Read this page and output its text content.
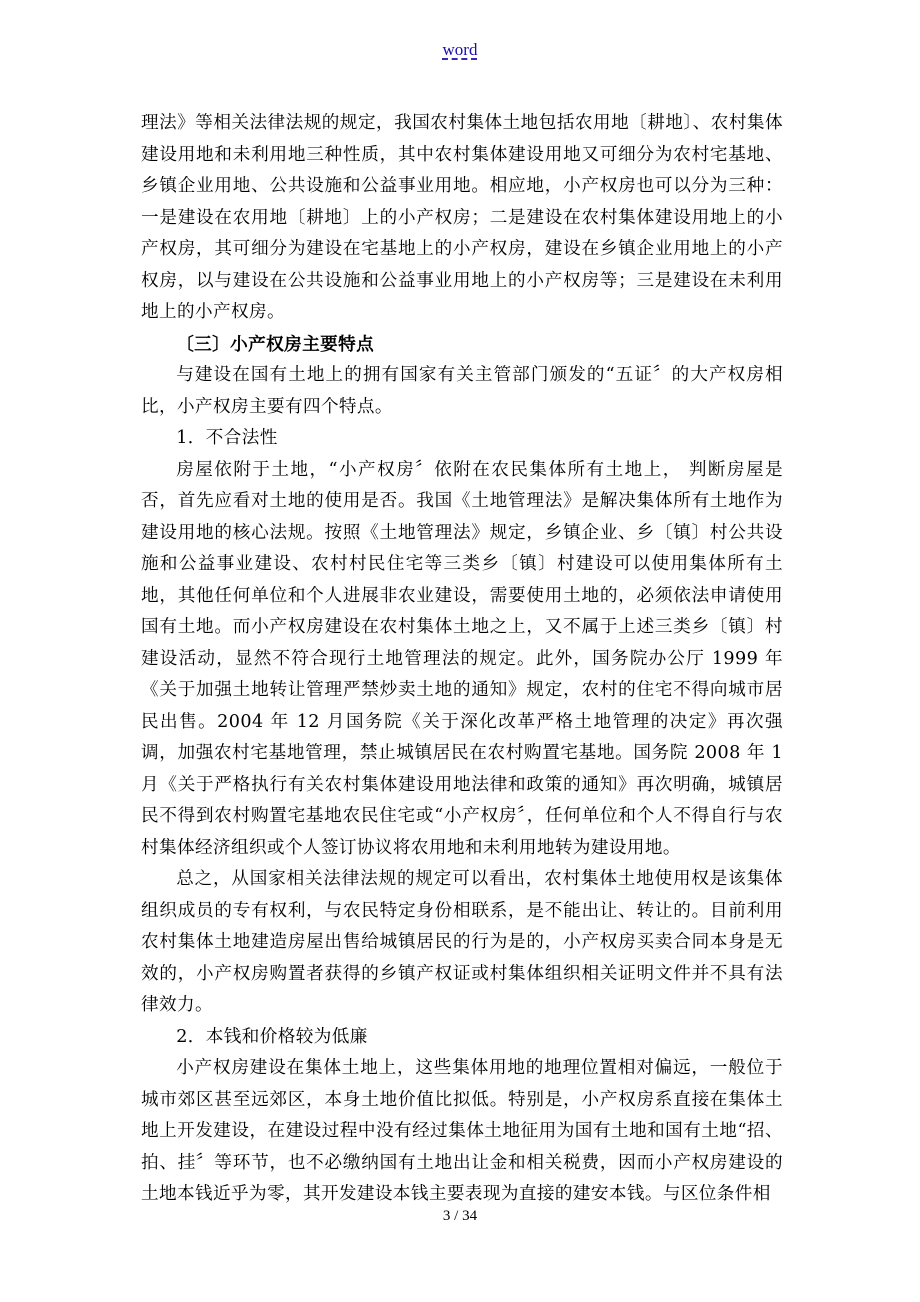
word

理法》等相关法律法规的规定，我国农村集体土地包括农用地〔耕地〕、农村集体建设用地和未利用地三种性质，其中农村集体建设用地又可细分为农村宅基地、乡镇企业用地、公共设施和公益事业用地。相应地，小产权房也可以分为三种：一是建设在农用地〔耕地〕上的小产权房；二是建设在农村集体建设用地上的小产权房，其可细分为建设在宅基地上的小产权房，建设在乡镇企业用地上的小产权房，以与建设在公共设施和公益事业用地上的小产权房等；三是建设在未利用地上的小产权房。

〔三〕小产权房主要特点

与建设在国有土地上的拥有国家有关主管部门颁发的“五证〞的大产权房相比，小产权房主要有四个特点。

1．不合法性

房屋依附于土地，“小产权房〞依附在农民集体所有土地上， 判断房屋是否，首先应看对土地的使用是否。我国《土地管理法》是解决集体所有土地作为建设用地的核心法规。按照《土地管理法》规定，乡镇企业、乡〔镇〕村公共设施和公益事业建设、农村村民住宅等三类乡〔镇〕村建设可以使用集体所有土地，其他任何单位和个人进展非农业建设，需要使用土地的，必须依法申请使用国有土地。而小产权房建设在农村集体土地之上，又不属于上述三类乡〔镇〕村建设活动，显然不符合现行土地管理法的规定。此外，国务院办公厅 1999 年《关于加强土地转让管理严禁炒卖土地的通知》规定，农村的住宅不得向城市居民出售。2004 年 12 月国务院《关于深化改革严格土地管理的决定》再次强调，加强农村宅基地管理，禁止城镇居民在农村购置宅基地。国务院 2008 年 1 月《关于严格执行有关农村集体建设用地法律和政策的通知》再次明确，城镇居民不得到农村购置宅基地农民住宅或“小产权房〞，任何单位和个人不得自行与农村集体经济组织或个人签订协议将农用地和未利用地转为建设用地。

总之，从国家相关法律法规的规定可以看出，农村集体土地使用权是该集体组织成员的专有权利，与农民特定身份相联系，是不能出让、转让的。目前利用农村集体土地建造房屋出售给城镇居民的行为是的，小产权房买卖合同本身是无效的，小产权房购置者获得的乡镇产权证或村集体组织相关证明文件并不具有法律效力。

2．本钱和价格较为低廉

小产权房建设在集体土地上，这些集体用地的地理位置相对偏远，一般位于城市郊区甚至远郊区，本身土地价值比拟低。特别是，小产权房系直接在集体土地上开发建设，在建设过程中没有经过集体土地征用为国有土地和国有土地“招、拍、挂〞等环节，也不必缴纳国有土地出让金和相关税费，因而小产权房建设的土地本钱近乎为零，其开发建设本钱主要表现为直接的建安本钱。与区位条件相

3 / 34
